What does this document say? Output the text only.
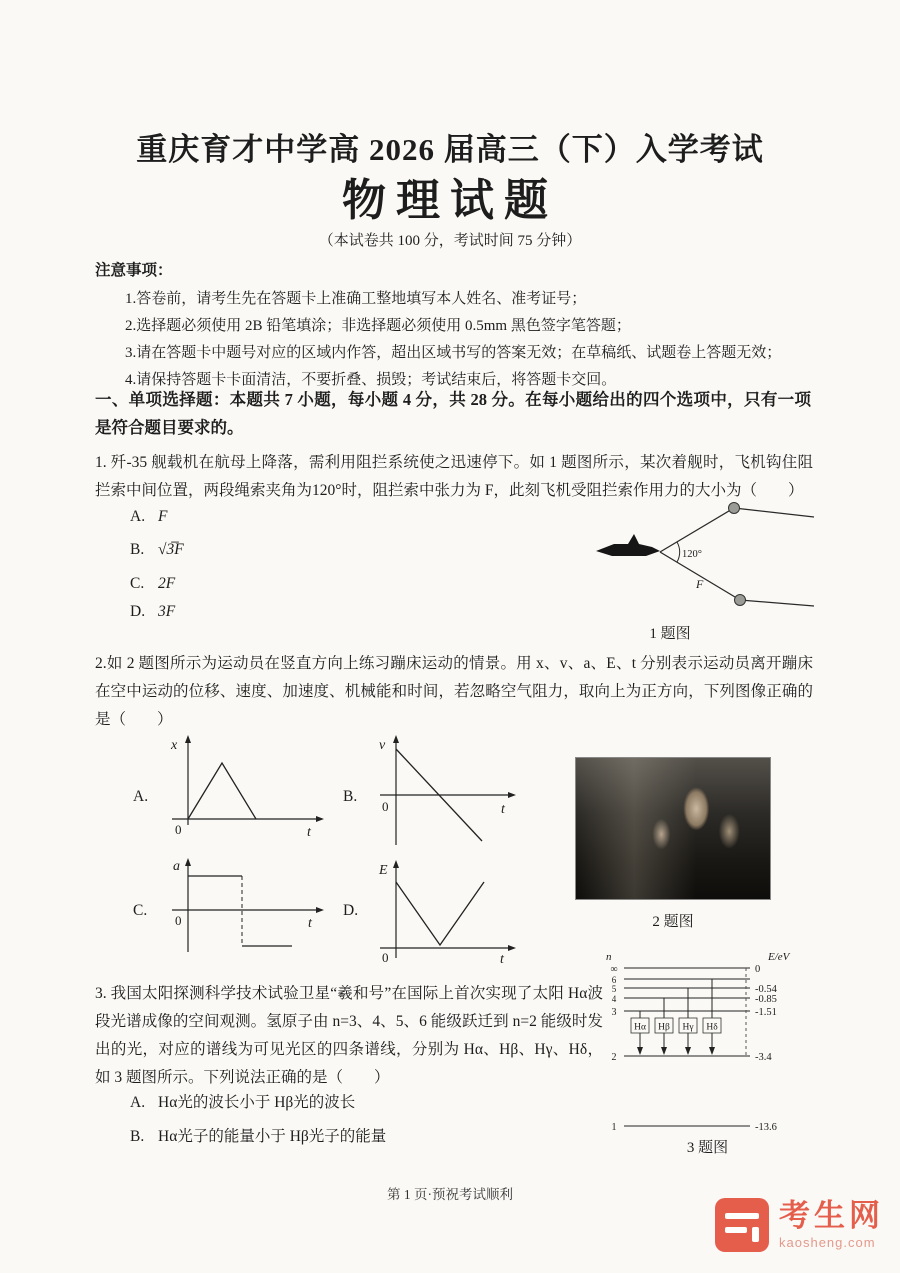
重庆育才中学高 2026 届高三（下）入学考试
物理试题
（本试卷共 100 分，考试时间 75 分钟）
注意事项：
1.答卷前，请考生先在答题卡上准确工整地填写本人姓名、准考证号；
2.选择题必须使用 2B 铅笔填涂；非选择题必须使用 0.5mm 黑色签字笔答题；
3.请在答题卡中题号对应的区域内作答，超出区域书写的答案无效；在草稿纸、试题卷上答题无效；
4.请保持答题卡卡面清洁，不要折叠、损毁；考试结束后，将答题卡交回。
一、单项选择题：本题共 7 小题，每小题 4 分，共 28 分。在每小题给出的四个选项中，只有一项是符合题目要求的。
1. 歼-35 舰载机在航母上降落，需利用阻拦系统使之迅速停下。如 1 题图所示，某次着舰时，飞机钩住阻拦索中间位置，两段绳索夹角为120°时，阻拦索中张力为 F，此刻飞机受阻拦索作用力的大小为（　　）
A. F
B. √3̅F
C. 2F
D. 3F
120°
F
1 题图
2.如 2 题图所示为运动员在竖直方向上练习蹦床运动的情景。用 x、v、a、E、t 分别表示运动员离开蹦床在空中运动的位移、速度、加速度、机械能和时间，若忽略空气阻力，取向上为正方向，下列图像正确的是（　　）
A.
x
t
0
B.
v
t
0
2 题图
C.
a
t
0
D.
E
t
0
3. 我国太阳探测科学技术试验卫星“羲和号”在国际上首次实现了太阳 Hα波段光谱成像的空间观测。氢原子由 n=3、4、5、6 能级跃迁到 n=2 能级时发出的光，对应的谱线为可见光区的四条谱线，分别为 Hα、Hβ、Hγ、Hδ，如 3 题图所示。下列说法正确的是（　　）
A. Hα光的波长小于 Hβ光的波长
B. Hα光子的能量小于 Hβ光子的能量
n	E/eV
∞
6
5
4
3
2
1
0
-0.54
-0.85
-1.51
-3.4
-13.6
Hα Hβ Hγ Hδ
3 题图
第 1 页·预祝考试顺利
考生网
kaosheng.com
